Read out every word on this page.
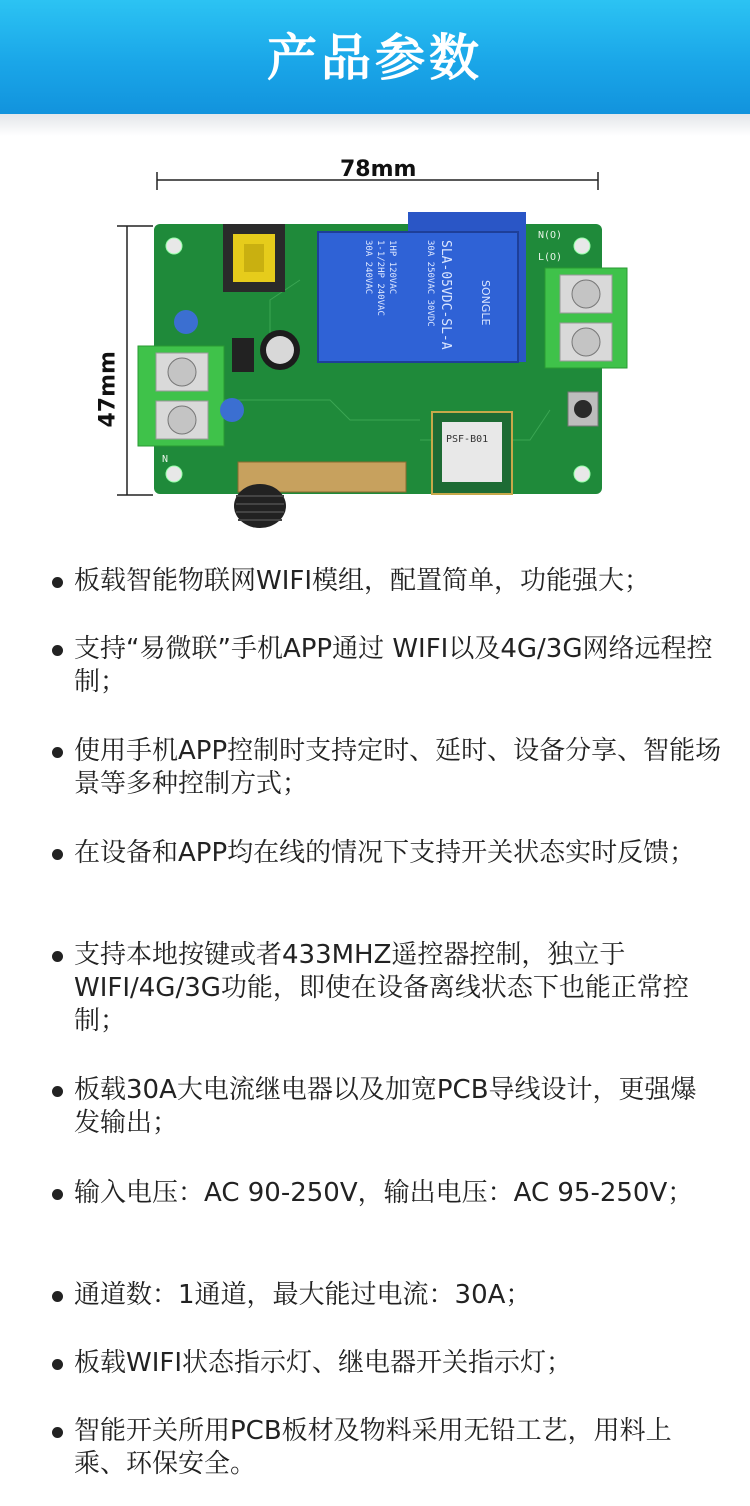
产品参数
78mm
47mm
SLA-05VDC-SL-A
30A 250VAC 30VDC
1HP 120VAC
1-1/2HP 240VAC
30A 240VAC
SONGLE
N(O)
L(O)
N
PSF-B01
板载智能物联网WIFI模组，配置简单，功能强大；
支持“易微联”手机APP通过 WIFI以及4G/3G网络远程控制；
使用手机APP控制时支持定时、延时、设备分享、智能场景等多种控制方式；
在设备和APP均在线的情况下支持开关状态实时反馈；
支持本地按键或者433MHZ遥控器控制，独立于WIFI/4G/3G功能，即使在设备离线状态下也能正常控制；
板载30A大电流继电器以及加宽PCB导线设计，更强爆发输出；
输入电压：AC 90-250V，输出电压：AC 95-250V；
通道数：1通道，最大能过电流：30A；
板载WIFI状态指示灯、继电器开关指示灯；
智能开关所用PCB板材及物料采用无铅工艺，用料上乘、环保安全。
